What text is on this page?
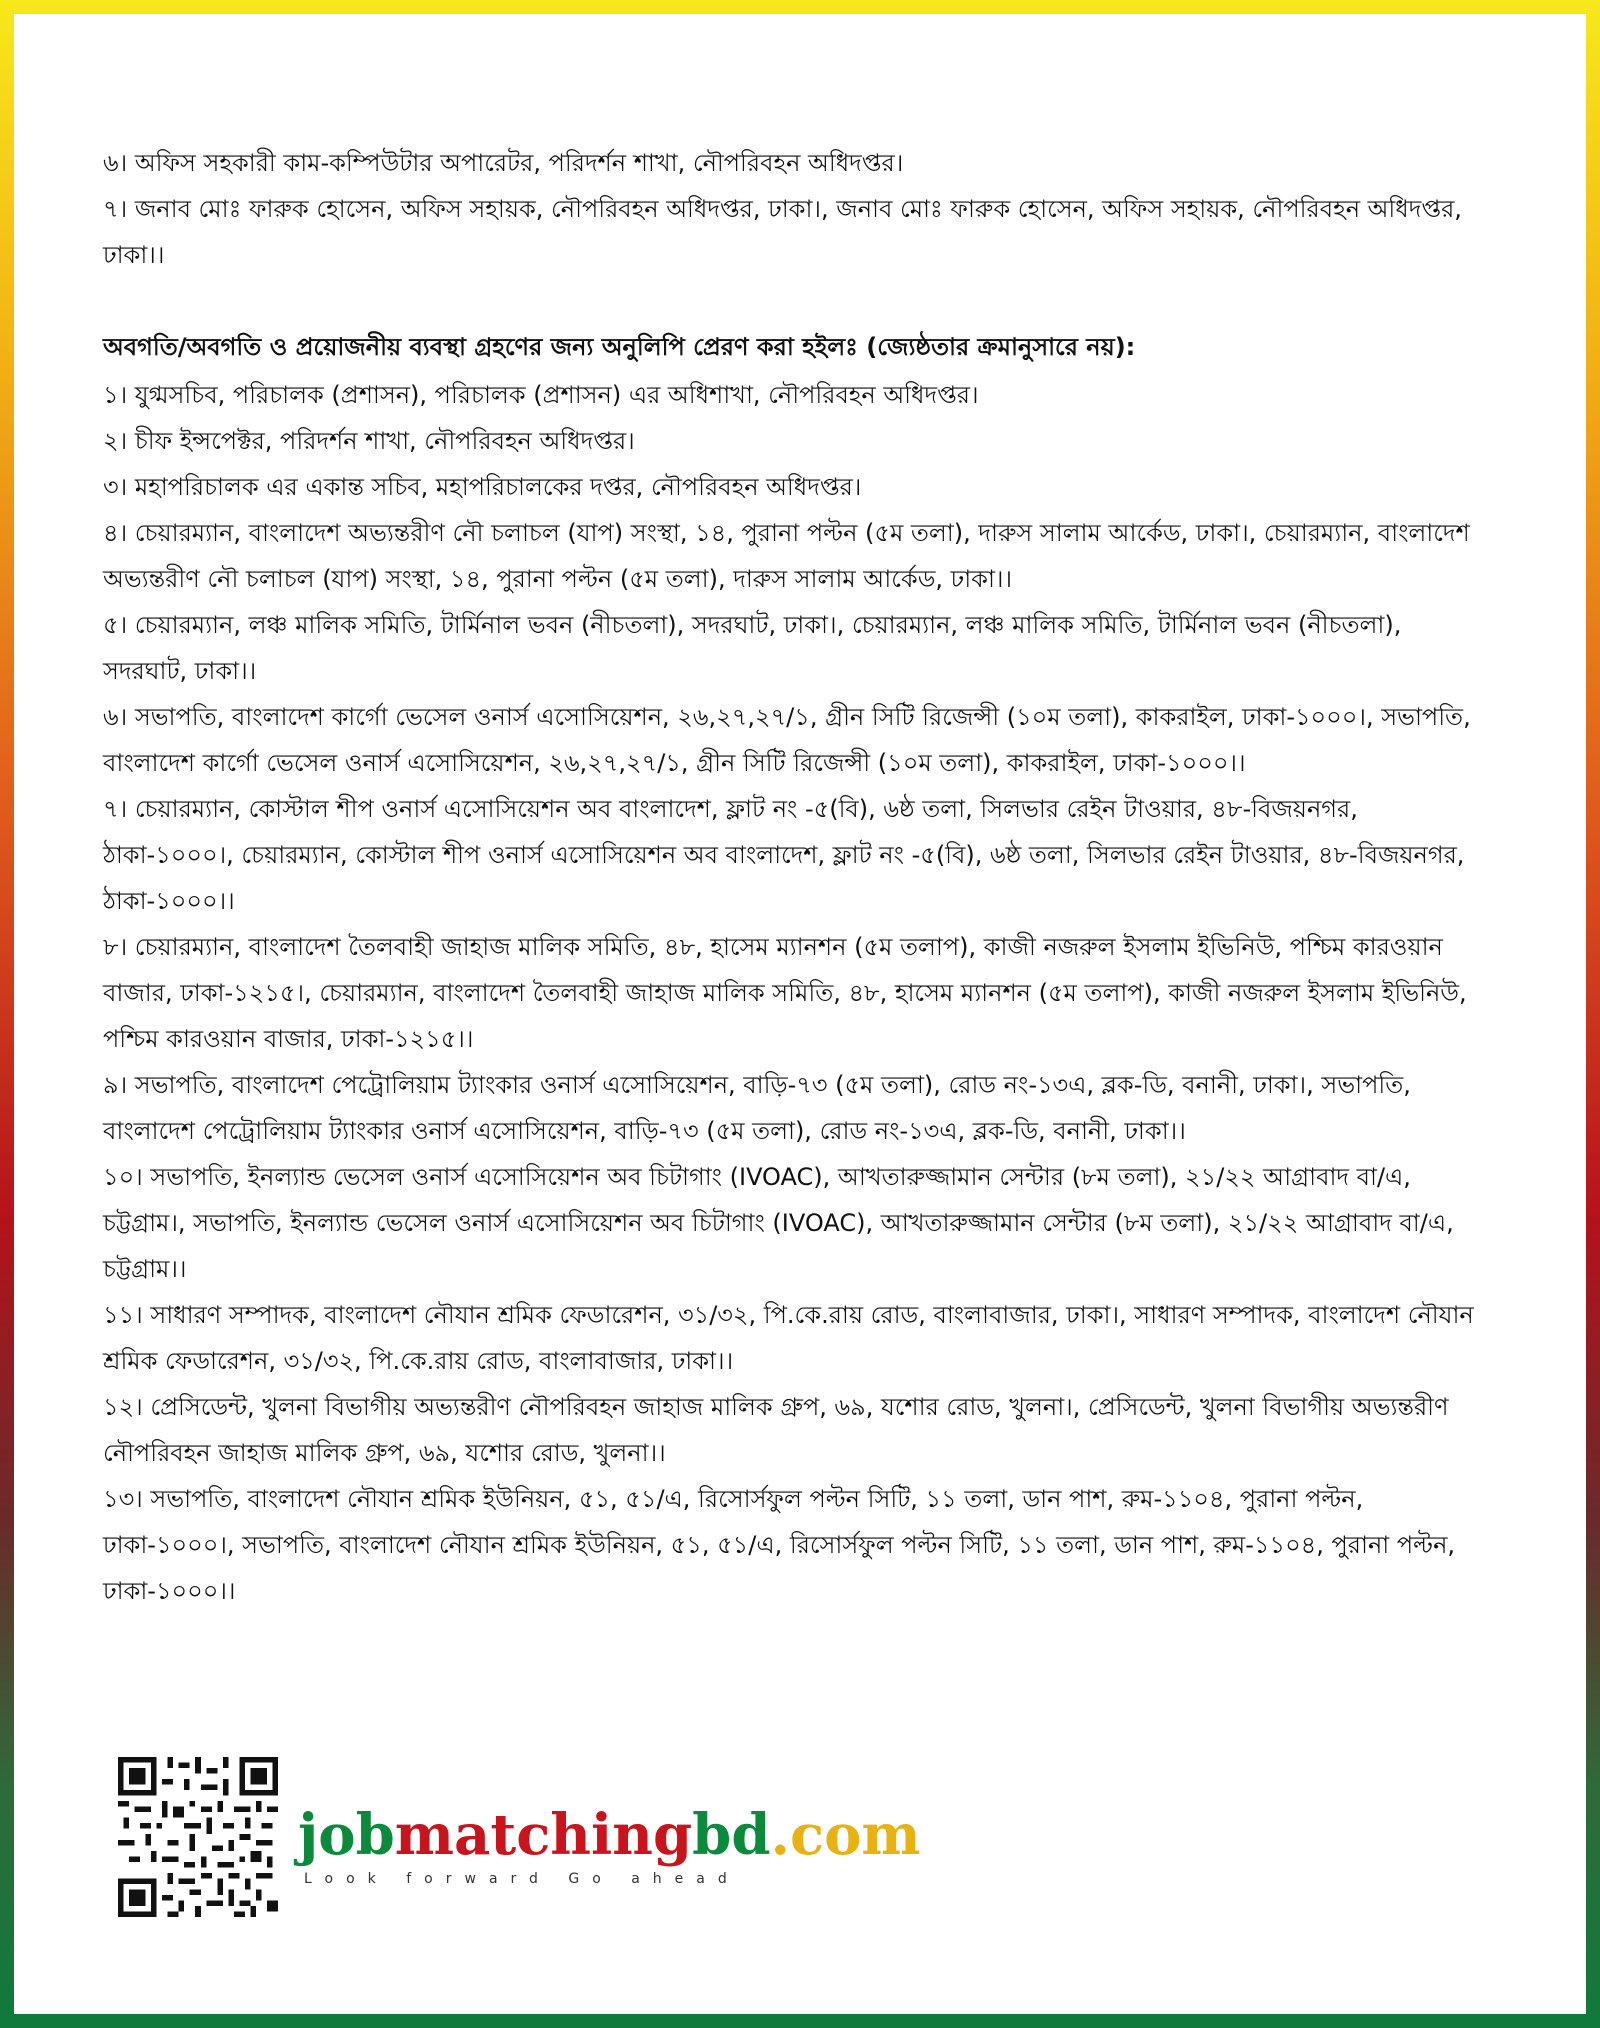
৬। অফিস সহকারী কাম-কম্পিউটার অপারেটর, পরিদর্শন শাখা, নৌপরিবহন অধিদপ্তর।

৭। জনাব মোঃ ফারুক হোসেন, অফিস সহায়ক, নৌপরিবহন অধিদপ্তর, ঢাকা।, জনাব মোঃ ফারুক হোসেন, অফিস সহায়ক, নৌপরিবহন অধিদপ্তর, ঢাকা।।

অবগতি/অবগতি ও প্রয়োজনীয় ব্যবস্থা গ্রহণের জন্য অনুলিপি প্রেরণ করা হইলঃ (জ্যেষ্ঠতার ক্রমানুসারে নয়):

১। যুগ্মসচিব, পরিচালক (প্রশাসন), পরিচালক (প্রশাসন) এর অধিশাখা, নৌপরিবহন অধিদপ্তর।

২। চীফ ইন্সপেক্টর, পরিদর্শন শাখা, নৌপরিবহন অধিদপ্তর।

৩। মহাপরিচালক এর একান্ত সচিব, মহাপরিচালকের দপ্তর, নৌপরিবহন অধিদপ্তর।

৪। চেয়ারম্যান, বাংলাদেশ অভ্যন্তরীণ নৌ চলাচল (যাপ) সংস্থা, ১৪, পুরানা পল্টন (৫ম তলা), দারুস সালাম আর্কেড, ঢাকা।, চেয়ারম্যান, বাংলাদেশ অভ্যন্তরীণ নৌ চলাচল (যাপ) সংস্থা, ১৪, পুরানা পল্টন (৫ম তলা), দারুস সালাম আর্কেড, ঢাকা।।

৫। চেয়ারম্যান, লঞ্চ মালিক সমিতি, টার্মিনাল ভবন (নীচতলা), সদরঘাট, ঢাকা।, চেয়ারম্যান, লঞ্চ মালিক সমিতি, টার্মিনাল ভবন (নীচতলা), সদরঘাট, ঢাকা।।

৬। সভাপতি, বাংলাদেশ কার্গো ভেসেল ওনার্স এসোসিয়েশন, ২৬,২৭,২৭/১, গ্রীন সিটি রিজেন্সী (১০ম তলা), কাকরাইল, ঢাকা-১০০০।, সভাপতি, বাংলাদেশ কার্গো ভেসেল ওনার্স এসোসিয়েশন, ২৬,২৭,২৭/১, গ্রীন সিটি রিজেন্সী (১০ম তলা), কাকরাইল, ঢাকা-১০০০।।

৭। চেয়ারম্যান, কোস্টাল শীপ ওনার্স এসোসিয়েশন অব বাংলাদেশ, ফ্লাট নং -৫(বি), ৬ষ্ঠ তলা, সিলভার রেইন টাওয়ার, ৪৮-বিজয়নগর, ঠাকা-১০০০।, চেয়ারম্যান, কোস্টাল শীপ ওনার্স এসোসিয়েশন অব বাংলাদেশ, ফ্লাট নং -৫(বি), ৬ষ্ঠ তলা, সিলভার রেইন টাওয়ার, ৪৮-বিজয়নগর, ঠাকা-১০০০।।

৮। চেয়ারম্যান, বাংলাদেশ তৈলবাহী জাহাজ মালিক সমিতি, ৪৮, হাসেম ম্যানশন (৫ম তলাপ), কাজী নজরুল ইসলাম ইভিনিউ, পশ্চিম কারওয়ান বাজার, ঢাকা-১২১৫।, চেয়ারম্যান, বাংলাদেশ তৈলবাহী জাহাজ মালিক সমিতি, ৪৮, হাসেম ম্যানশন (৫ম তলাপ), কাজী নজরুল ইসলাম ইভিনিউ, পশ্চিম কারওয়ান বাজার, ঢাকা-১২১৫।।

৯। সভাপতি, বাংলাদেশ পেট্রোলিয়াম ট্যাংকার ওনার্স এসোসিয়েশন, বাড়ি-৭৩ (৫ম তলা), রোড নং-১৩এ, ব্লক-ডি, বনানী, ঢাকা।, সভাপতি, বাংলাদেশ পেট্রোলিয়াম ট্যাংকার ওনার্স এসোসিয়েশন, বাড়ি-৭৩ (৫ম তলা), রোড নং-১৩এ, ব্লক-ডি, বনানী, ঢাকা।।

১০। সভাপতি, ইনল্যান্ড ভেসেল ওনার্স এসোসিয়েশন অব চিটাগাং (IVOAC), আখতারুজ্জামান সেন্টার (৮ম তলা), ২১/২২ আগ্রাবাদ বা/এ, চট্টগ্রাম।, সভাপতি, ইনল্যান্ড ভেসেল ওনার্স এসোসিয়েশন অব চিটাগাং (IVOAC), আখতারুজ্জামান সেন্টার (৮ম তলা), ২১/২২ আগ্রাবাদ বা/এ, চট্টগ্রাম।।

১১। সাধারণ সম্পাদক, বাংলাদেশ নৌযান শ্রমিক ফেডারেশন, ৩১/৩২, পি.কে.রায় রোড, বাংলাবাজার, ঢাকা।, সাধারণ সম্পাদক, বাংলাদেশ নৌযান শ্রমিক ফেডারেশন, ৩১/৩২, পি.কে.রায় রোড, বাংলাবাজার, ঢাকা।।

১২। প্রেসিডেন্ট, খুলনা বিভাগীয় অভ্যন্তরীণ নৌপরিবহন জাহাজ মালিক গ্রুপ, ৬৯, যশোর রোড, খুলনা।, প্রেসিডেন্ট, খুলনা বিভাগীয় অভ্যন্তরীণ নৌপরিবহন জাহাজ মালিক গ্রুপ, ৬৯, যশোর রোড, খুলনা।।

১৩। সভাপতি, বাংলাদেশ নৌযান শ্রমিক ইউনিয়ন, ৫১, ৫১/এ, রিসোর্সফুল পল্টন সিটি, ১১ তলা, ডান পাশ, রুম-১১০৪, পুরানা পল্টন, ঢাকা-১০০০।, সভাপতি, বাংলাদেশ নৌযান শ্রমিক ইউনিয়ন, ৫১, ৫১/এ, রিসোর্সফুল পল্টন সিটি, ১১ তলা, ডান পাশ, রুম-১১০৪, পুরানা পল্টন, ঢাকা-১০০০।।

jobmatchingbd.com
Look forward Go ahead
